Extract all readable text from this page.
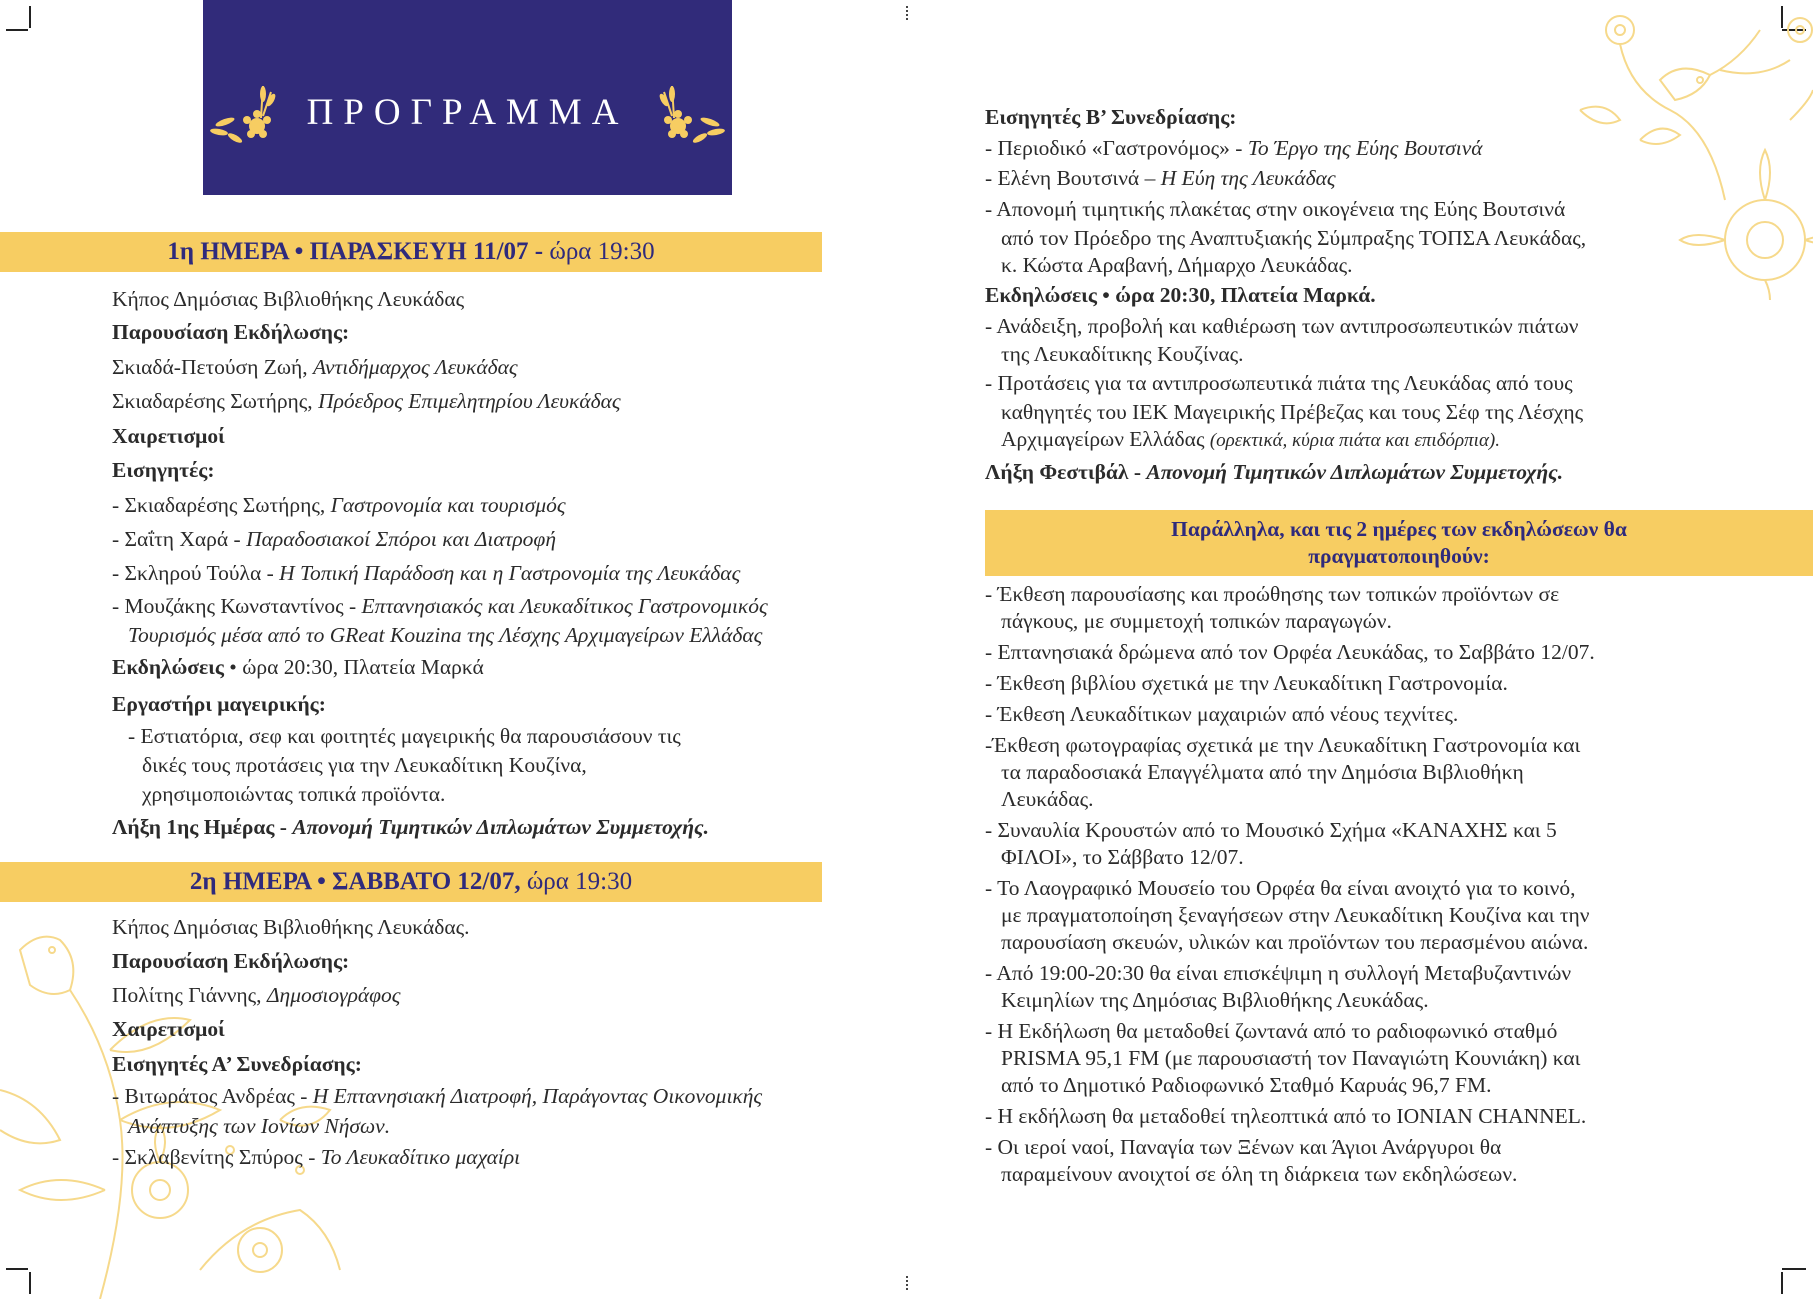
ΠΡΟΓΡΑΜΜΑ
1η ΗΜΕΡΑ • ΠΑΡΑΣΚΕΥΗ 11/07 -
ώρα 19:30
Κήπος Δημόσιας Βιβλιοθήκης Λευκάδας
Παρουσίαση Εκδήλωσης:
Σκιαδά-Πετούση Ζωή, Αντιδήμαρχος Λευκάδας
Σκιαδαρέσης Σωτήρης, Πρόεδρος Επιμελητηρίου Λευκάδας
Χαιρετισμοί
Εισηγητές:
- Σκιαδαρέσης Σωτήρης, Γαστρονομία και τουρισμός
- Σαΐτη Χαρά - Παραδοσιακοί Σπόροι και Διατροφή
- Σκληρού Τούλα - Η Τοπική Παράδοση και η Γαστρονομία της Λευκάδας
- Μουζάκης Κωνσταντίνος - Επτανησιακός και Λευκαδίτικος Γαστρονομικός
Τουρισμός μέσα από το GReat Kouzina της Λέσχης Αρχιμαγείρων Ελλάδας
Εκδηλώσεις • ώρα 20:30, Πλατεία Μαρκά
Εργαστήρι μαγειρικής:
- Εστιατόρια, σεφ και φοιτητές μαγειρικής θα παρουσιάσουν τις
δικές τους προτάσεις για την Λευκαδίτικη Κουζίνα,
χρησιμοποιώντας τοπικά προϊόντα.
Λήξη 1ης Ημέρας - Απονομή Τιμητικών Διπλωμάτων Συμμετοχής.
2η ΗΜΕΡΑ • ΣΑΒΒΑΤΟ 12/07,
ώρα 19:30
Κήπος Δημόσιας Βιβλιοθήκης Λευκάδας.
Παρουσίαση Εκδήλωσης:
Πολίτης Γιάννης, Δημοσιογράφος
Χαιρετισμοί
Εισηγητές Α’ Συνεδρίασης:
- Βιτωράτος Ανδρέας - Η Επτανησιακή Διατροφή, Παράγοντας Οικονομικής
Ανάπτυξης των Ιονίων Νήσων.
- Σκλαβενίτης Σπύρος - Το Λευκαδίτικο μαχαίρι
Εισηγητές Β’ Συνεδρίασης:
- Περιοδικό «Γαστρονόμος» - Το Έργο της Εύης Βουτσινά
- Ελένη Βουτσινά – Η Εύη της Λευκάδας
- Απονομή τιμητικής πλακέτας στην οικογένεια της Εύης Βουτσινά
από τον Πρόεδρο της Αναπτυξιακής Σύμπραξης ΤΟΠΣΑ Λευκάδας,
κ. Κώστα Αραβανή, Δήμαρχο Λευκάδας.
Εκδηλώσεις • ώρα 20:30, Πλατεία Μαρκά.
- Ανάδειξη, προβολή και καθιέρωση των αντιπροσωπευτικών πιάτων
της Λευκαδίτικης Κουζίνας.
- Προτάσεις για τα αντιπροσωπευτικά πιάτα της Λευκάδας από τους
καθηγητές του ΙΕΚ Μαγειρικής Πρέβεζας και τους Σέφ της Λέσχης
Αρχιμαγείρων Ελλάδας (ορεκτικά, κύρια πιάτα και επιδόρπια).
Λήξη Φεστιβάλ - Απονομή Τιμητικών Διπλωμάτων Συμμετοχής.
Παράλληλα, και τις 2 ημέρες των εκδηλώσεων θα
πραγματοποιηθούν:
- Έκθεση παρουσίασης και προώθησης των τοπικών προϊόντων σε
πάγκους, με συμμετοχή τοπικών παραγωγών.
- Επτανησιακά δρώμενα από τον Ορφέα Λευκάδας, το Σαββάτο 12/07.
- Έκθεση βιβλίου σχετικά με την Λευκαδίτικη Γαστρονομία.
- Έκθεση Λευκαδίτικων μαχαιριών από νέους τεχνίτες.
-Έκθεση φωτογραφίας σχετικά με την Λευκαδίτικη Γαστρονομία και
τα παραδοσιακά Επαγγέλματα από την Δημόσια Βιβλιοθήκη
Λευκάδας.
- Συναυλία Κρουστών από το Μουσικό Σχήμα «ΚΑΝΑΧΗΣ και 5
ΦΙΛΟΙ», το Σάββατο 12/07.
- Το Λαογραφικό Μουσείο του Ορφέα θα είναι ανοιχτό για το κοινό,
με πραγματοποίηση ξεναγήσεων στην Λευκαδίτικη Κουζίνα και την
παρουσίαση σκευών, υλικών και προϊόντων του περασμένου αιώνα.
- Από 19:00-20:30 θα είναι επισκέψιμη η συλλογή Μεταβυζαντινών
Κειμηλίων της Δημόσιας Βιβλιοθήκης Λευκάδας.
- Η Εκδήλωση θα μεταδοθεί ζωντανά από το ραδιοφωνικό σταθμό
PRISMA 95,1 FM (με παρουσιαστή τον Παναγιώτη Κουνιάκη) και
από το Δημοτικό Ραδιοφωνικό Σταθμό Καρυάς 96,7 FM.
- Η εκδήλωση θα μεταδοθεί τηλεοπτικά από το IONIAN CHANNEL.
- Οι ιεροί ναοί, Παναγία των Ξένων και Άγιοι Ανάργυροι θα
παραμείνουν ανοιχτοί σε όλη τη διάρκεια των εκδηλώσεων.
